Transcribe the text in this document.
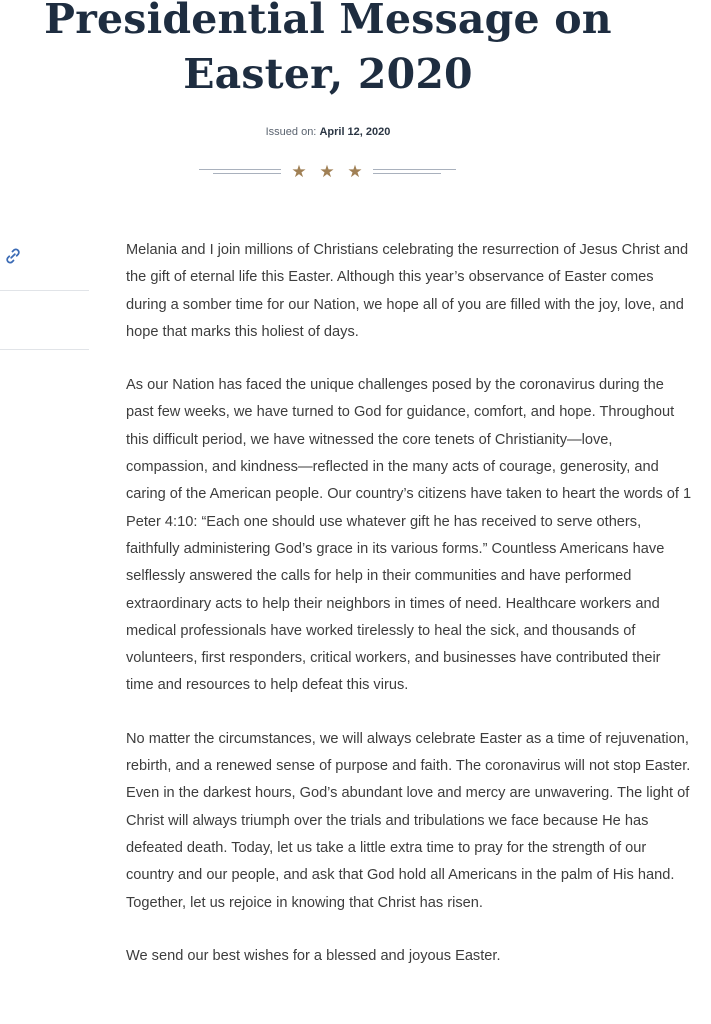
Presidential Message on Easter, 2020
Issued on: April 12, 2020
★ ★ ★

Melania and I join millions of Christians celebrating the resurrection of Jesus Christ and the gift of eternal life this Easter. Although this year’s observance of Easter comes during a somber time for our Nation, we hope all of you are filled with the joy, love, and hope that marks this holiest of days.

As our Nation has faced the unique challenges posed by the coronavirus during the past few weeks, we have turned to God for guidance, comfort, and hope. Throughout this difficult period, we have witnessed the core tenets of Christianity—love, compassion, and kindness—reflected in the many acts of courage, generosity, and caring of the American people. Our country’s citizens have taken to heart the words of 1 Peter 4:10: “Each one should use whatever gift he has received to serve others, faithfully administering God’s grace in its various forms.” Countless Americans have selflessly answered the calls for help in their communities and have performed extraordinary acts to help their neighbors in times of need. Healthcare workers and medical professionals have worked tirelessly to heal the sick, and thousands of volunteers, first responders, critical workers, and businesses have contributed their time and resources to help defeat this virus.

No matter the circumstances, we will always celebrate Easter as a time of rejuvenation, rebirth, and a renewed sense of purpose and faith. The coronavirus will not stop Easter. Even in the darkest hours, God’s abundant love and mercy are unwavering. The light of Christ will always triumph over the trials and tribulations we face because He has defeated death. Today, let us take a little extra time to pray for the strength of our country and our people, and ask that God hold all Americans in the palm of His hand. Together, let us rejoice in knowing that Christ has risen.

We send our best wishes for a blessed and joyous Easter.
